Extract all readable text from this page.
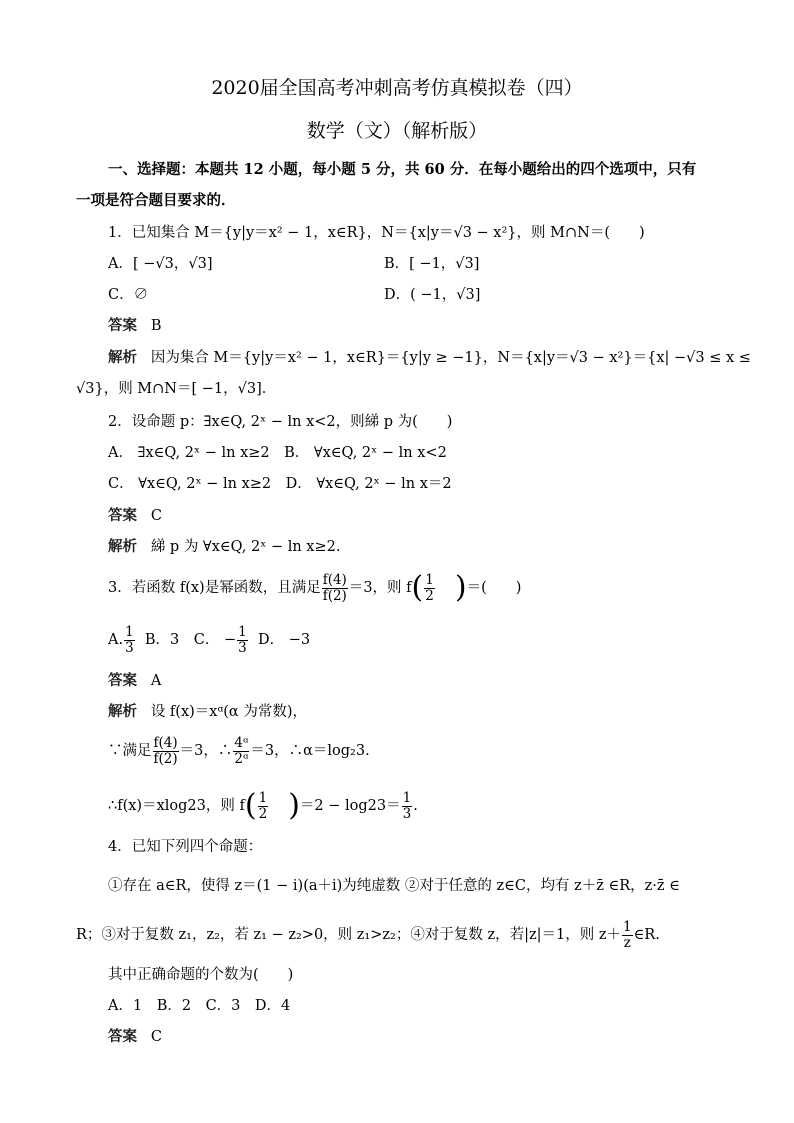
2020届全国高考冲刺高考仿真模拟卷（四）
数学（文）（解析版）
一、选择题：本题共 12 小题，每小题 5 分，共 60 分．在每小题给出的四个选项中，只有
一项是符合题目要求的．
1．已知集合 M＝{y|y＝x² − 1，x∈R}，N＝{x|y＝√3 − x²}，则 M∩N＝(　　)
A．[ −√3，√3]	B．[ −1，√3]
C．∅	D．( −1，√3]
答案 B
解析 因为集合 M＝{y|y＝x² − 1，x∈R}＝{y|y ≥ −1}，N＝{x|y＝√3 − x²}＝{x| −√3 ≤ x ≤
√3}，则 M∩N＝[ −1，√3]．
2．设命题 p：∃x∈Q, 2ˣ − ln x<2，则綈 p 为(　　)
A． ∃x∈Q, 2ˣ − ln x≥2　B． ∀x∈Q, 2ˣ − ln x<2
C． ∀x∈Q, 2ˣ − ln x≥2　D． ∀x∈Q, 2ˣ − ln x＝2
答案 C
解析 綈 p 为 ∀x∈Q, 2ˣ − ln x≥2.
3．若函数 f(x)是幂函数，且满足 $\frac{f(4)}{f(2)} =3$，则 $f( \frac{1}{2}$ )＝(　　)
A. $\frac{1}{3}$ B．3　C． − $\frac{1}{3}$ D． −3
答案 A
解析 设 f(x)＝xᵅ(α 为常数)，
∵满足 $\frac{f(4)}{f(2)} =3$，∴ $\frac{\text{4ᵅ}}{\text{2ᵅ}} =3$，∴α＝log₂3.
∴f(x)＝xlog23，则 $f( \frac{1}{2} )=2 - \log 23= \frac{1}{3}$ .
4．已知下列四个命题：
①存在 a∈R，使得 z＝(1 − i)(a＋i)为纯虚数 ②对于任意的 z∈C，均有 z＋z̄ ∈R，z·z̄ ∈
R；③对于复数 z₁，z₂，若 z₁ − z₂>0，则 z₁>z₂；④对于复数 z，若|z|＝1，则 $z+ \frac{1}{z}$ ∈R.
其中正确命题的个数为(　　)
A．1　B．2　C．3　D．4
答案 C
